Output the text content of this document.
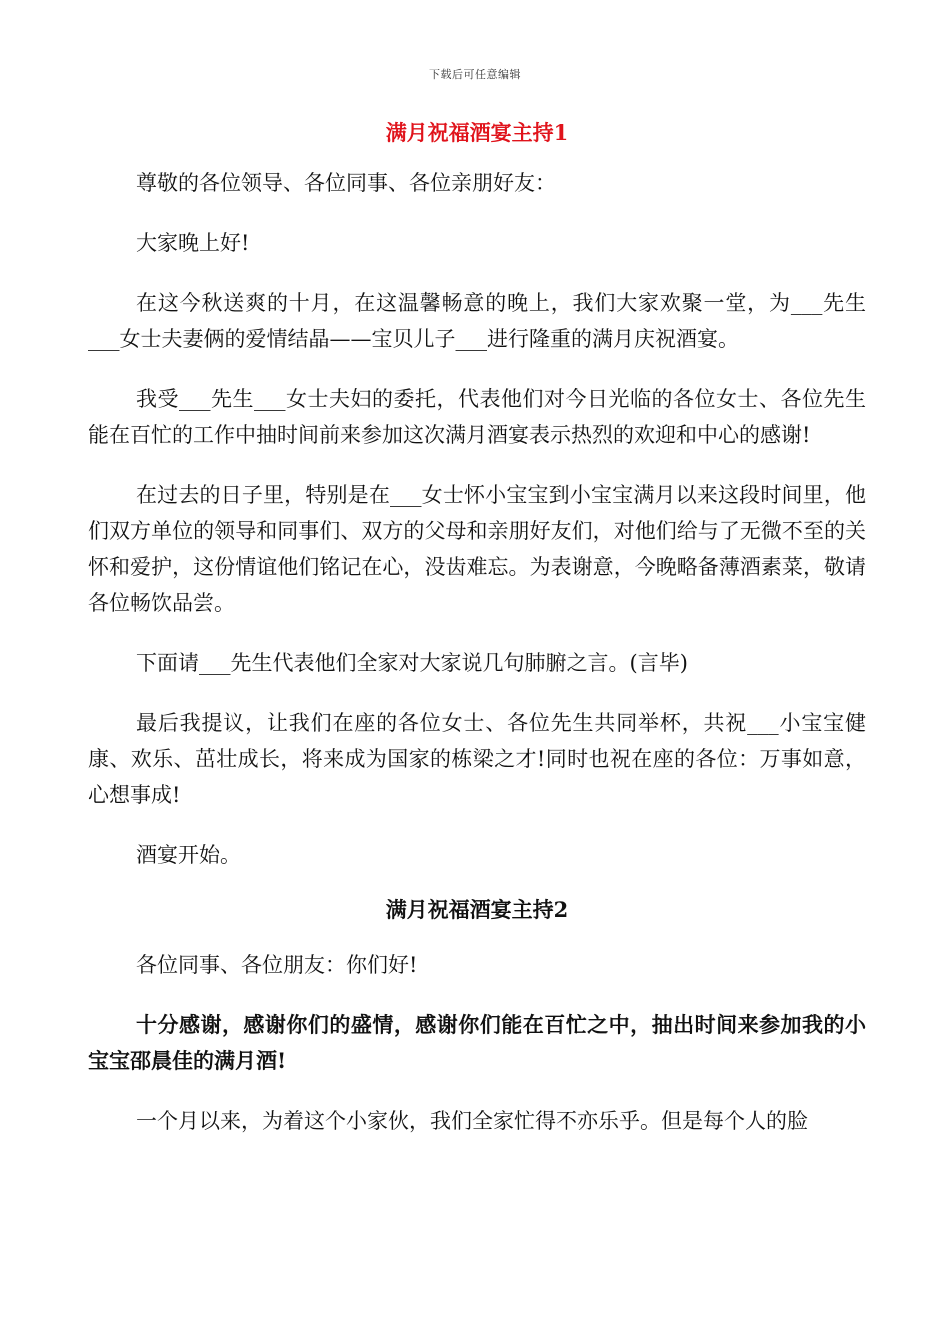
下载后可任意编辑
满月祝福酒宴主持1

尊敬的各位领导、各位同事、各位亲朋好友：

大家晚上好!

在这今秋送爽的十月，在这温馨畅意的晚上，我们大家欢聚一堂，为___先生___女士夫妻俩的爱情结晶——宝贝儿子___进行隆重的满月庆祝酒宴。

我受___先生___女士夫妇的委托，代表他们对今日光临的各位女士、各位先生能在百忙的工作中抽时间前来参加这次满月酒宴表示热烈的欢迎和中心的感谢!

在过去的日子里，特别是在___女士怀小宝宝到小宝宝满月以来这段时间里，他们双方单位的领导和同事们、双方的父母和亲朋好友们，对他们给与了无微不至的关怀和爱护，这份情谊他们铭记在心，没齿难忘。为表谢意，今晚略备薄酒素菜，敬请各位畅饮品尝。

下面请___先生代表他们全家对大家说几句肺腑之言。(言毕)

最后我提议，让我们在座的各位女士、各位先生共同举杯，共祝___小宝宝健康、欢乐、茁壮成长，将来成为国家的栋梁之才!同时也祝在座的各位：万事如意，心想事成!

酒宴开始。

满月祝福酒宴主持2

各位同事、各位朋友：你们好!

十分感谢，感谢你们的盛情，感谢你们能在百忙之中，抽出时间来参加我的小宝宝邵晨佳的满月酒!

一个月以来，为着这个小家伙，我们全家忙得不亦乐乎。但是每个人的脸
